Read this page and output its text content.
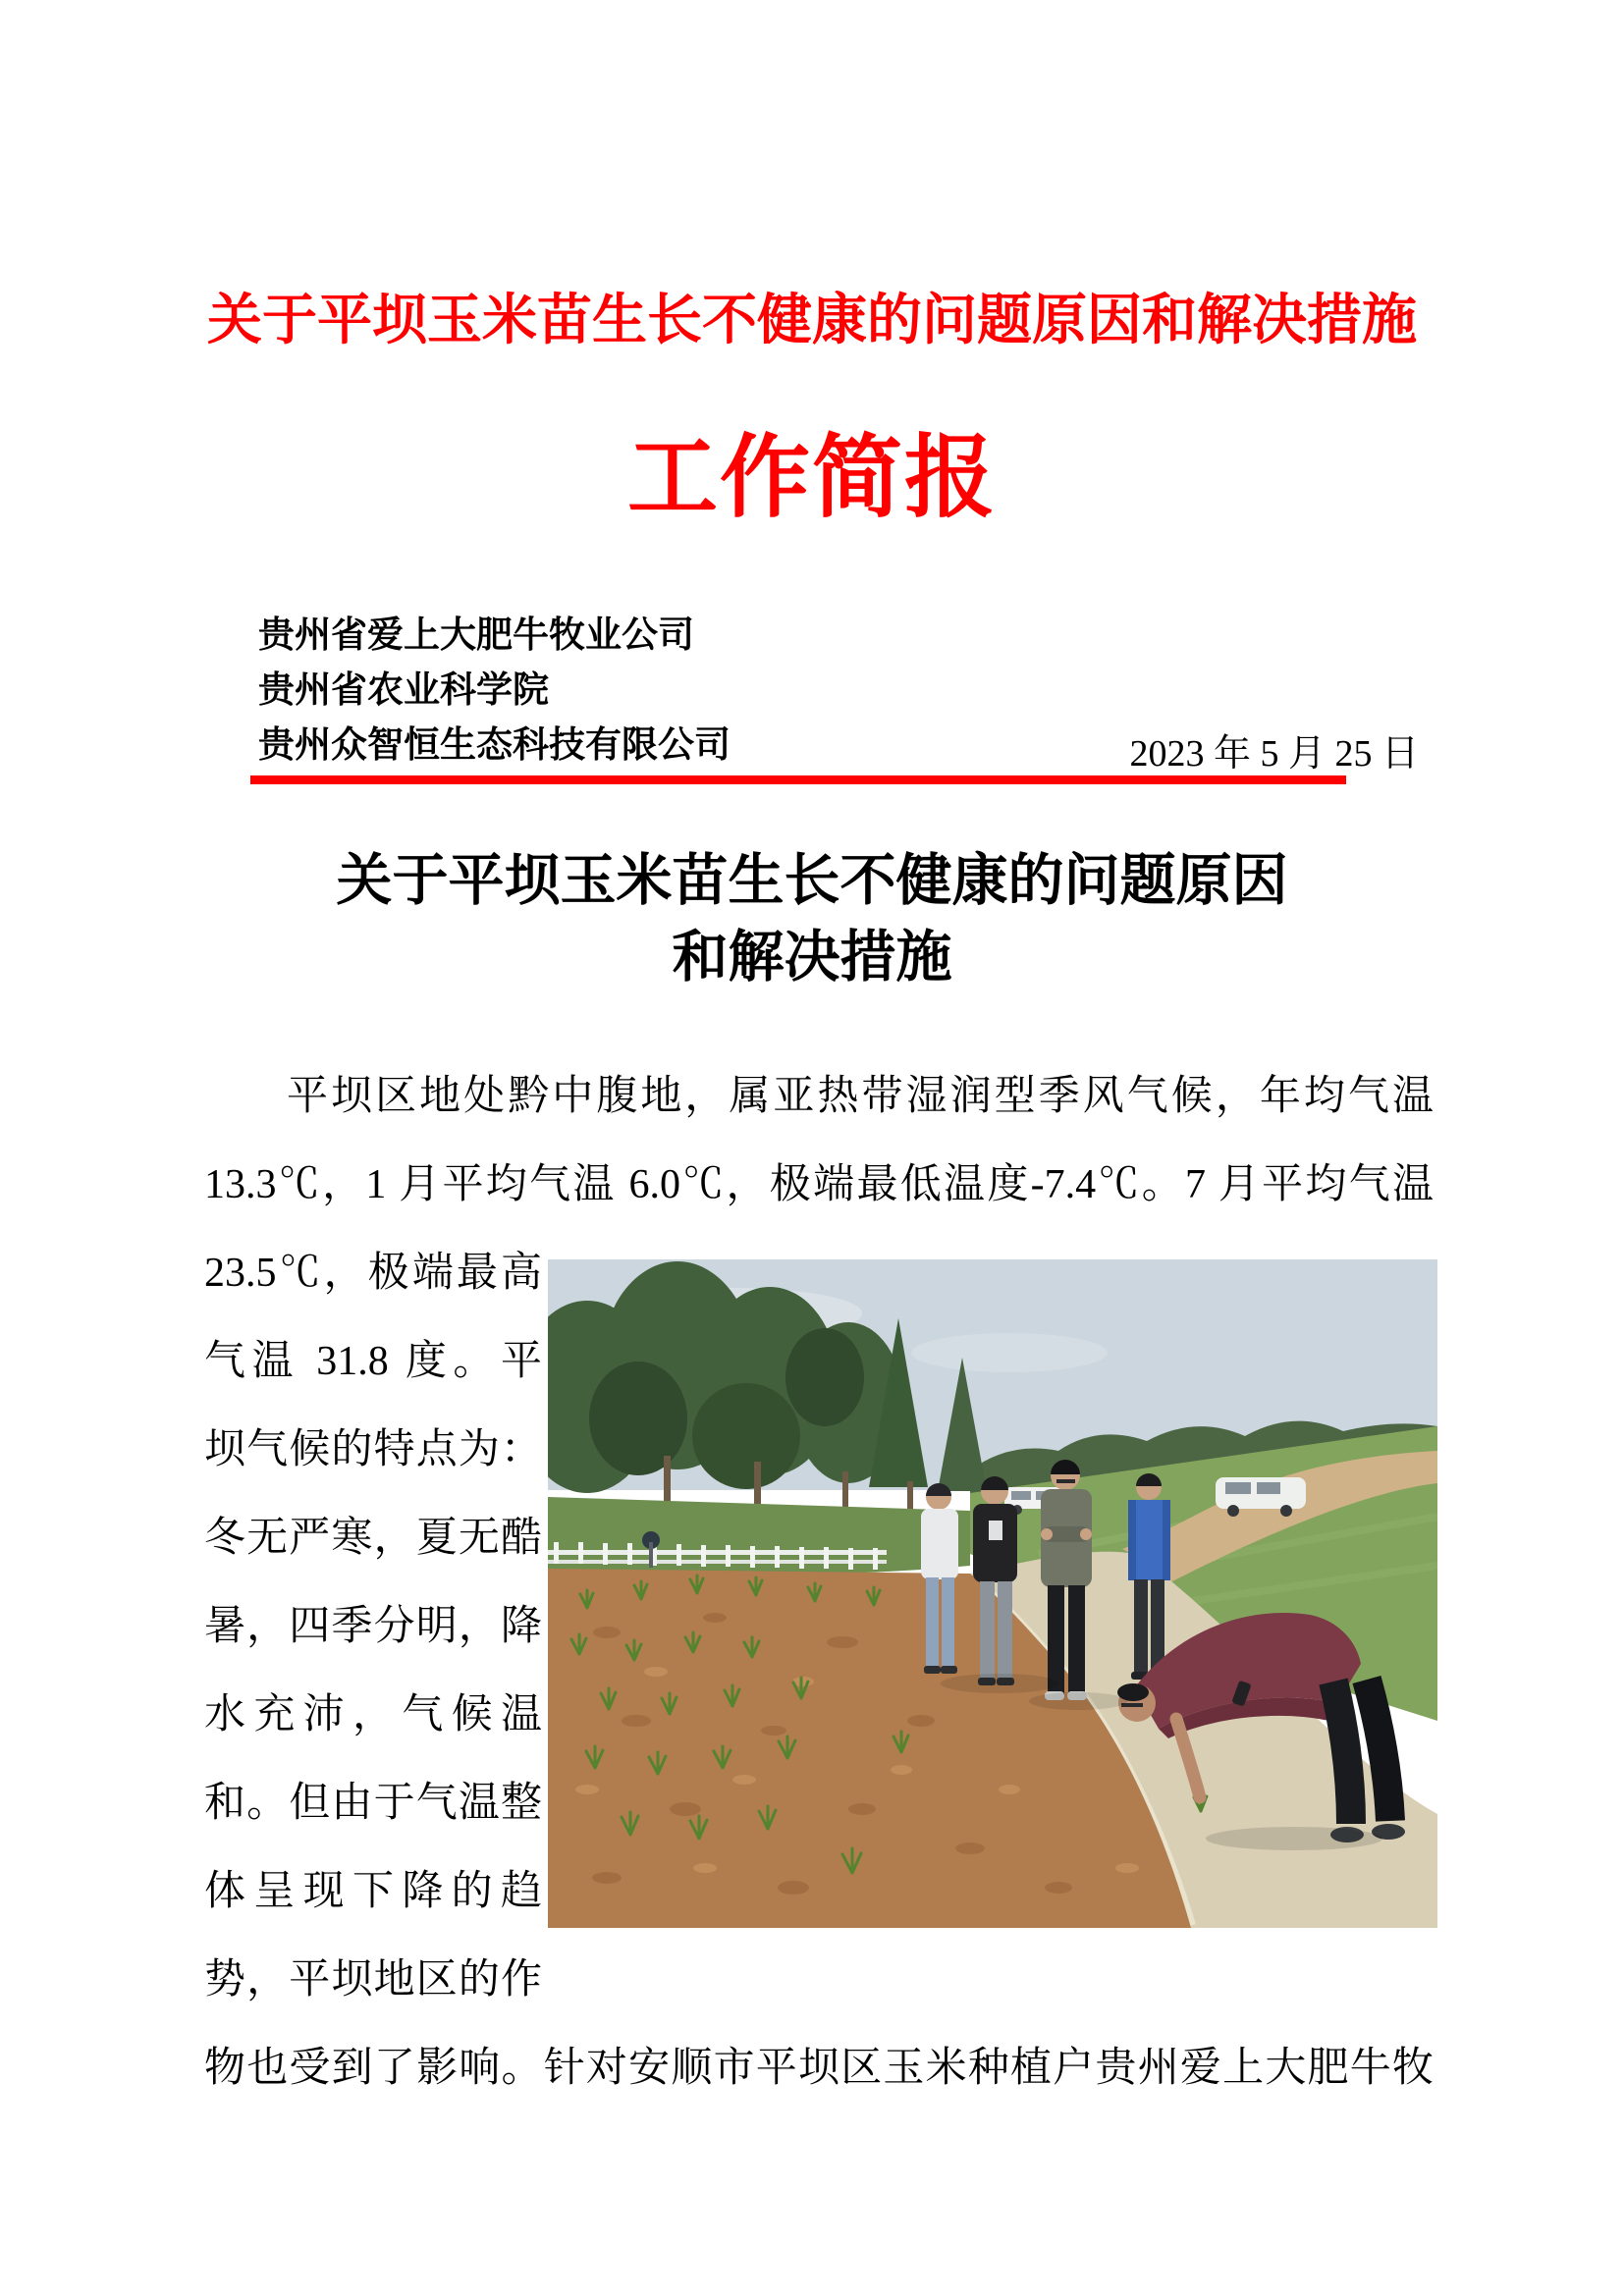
关于平坝玉米苗生长不健康的问题原因和解决措施
工作简报
贵州省爱上大肥牛牧业公司
贵州省农业科学院
贵州众智恒生态科技有限公司	2023 年 5 月 25 日
关于平坝玉米苗生长不健康的问题原因
和解决措施
平坝区地处黔中腹地，属亚热带湿润型季风气候，年均气温
13.3℃，1 月平均气温 6.0℃，极端最低温度-7.4℃。7 月平均气温
23.5℃，极端最高
气温 31.8 度。平
坝气候的特点为：
冬无严寒，夏无酷
暑，四季分明，降
水充沛，气候温
和。但由于气温整
体呈现下降的趋
势，平坝地区的作
物也受到了影响。针对安顺市平坝区玉米种植户贵州爱上大肥牛牧
